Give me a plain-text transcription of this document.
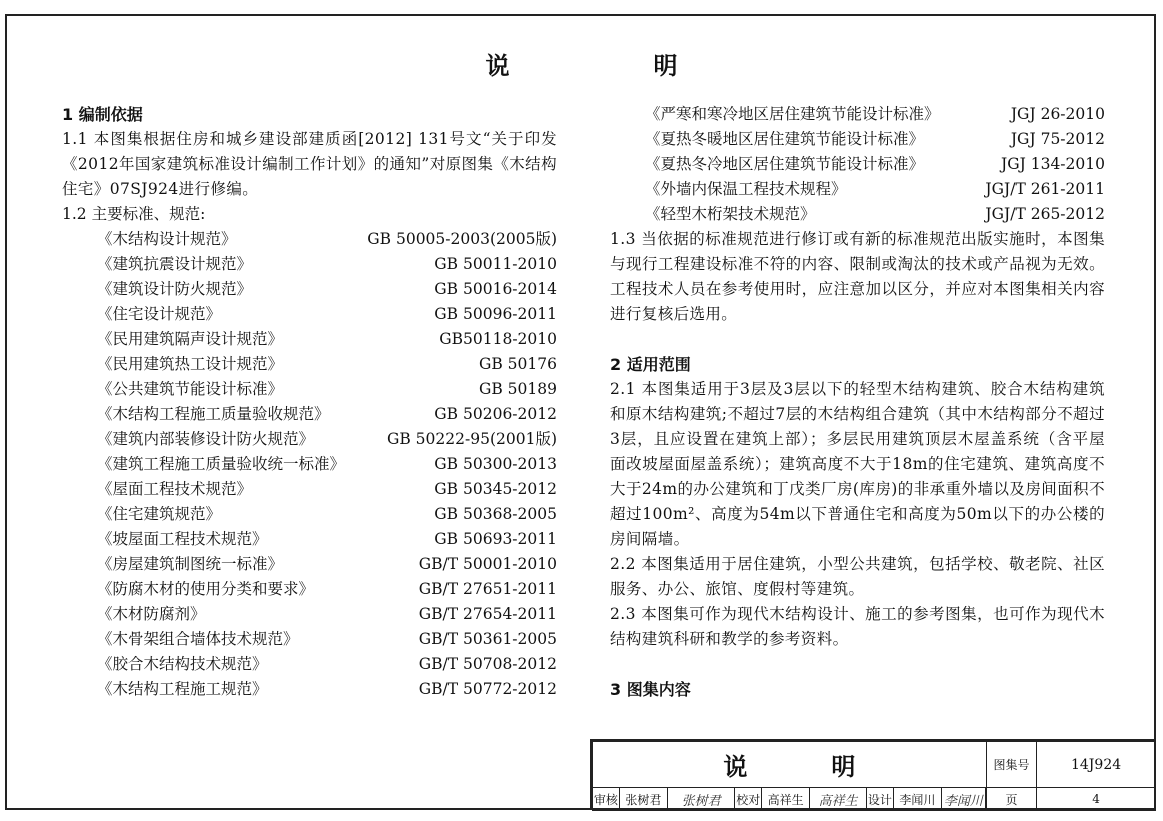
说　明
1 编制依据
1.1 本图集根据住房和城乡建设部建质函[2012] 131号文“关于印发《2012年国家建筑标准设计编制工作计划》的通知”对原图集《木结构住宅》07SJ924进行修编。
1.2 主要标准、规范:
《木结构设计规范》	GB 50005-2003(2005版)
《建筑抗震设计规范》	GB 50011-2010
《建筑设计防火规范》	GB 50016-2014
《住宅设计规范》	GB 50096-2011
《民用建筑隔声设计规范》	GB50118-2010
《民用建筑热工设计规范》	GB 50176
《公共建筑节能设计标准》	GB 50189
《木结构工程施工质量验收规范》	GB 50206-2012
《建筑内部装修设计防火规范》	GB 50222-95(2001版)
《建筑工程施工质量验收统一标准》	GB 50300-2013
《屋面工程技术规范》	GB 50345-2012
《住宅建筑规范》	GB 50368-2005
《坡屋面工程技术规范》	GB 50693-2011
《房屋建筑制图统一标准》	GB/T 50001-2010
《防腐木材的使用分类和要求》	GB/T 27651-2011
《木材防腐剂》	GB/T 27654-2011
《木骨架组合墙体技术规范》	GB/T 50361-2005
《胶合木结构技术规范》	GB/T 50708-2012
《木结构工程施工规范》	GB/T 50772-2012
《严寒和寒冷地区居住建筑节能设计标准》	JGJ 26-2010
《夏热冬暖地区居住建筑节能设计标准》	JGJ 75-2012
《夏热冬冷地区居住建筑节能设计标准》	JGJ 134-2010
《外墙内保温工程技术规程》	JGJ/T 261-2011
《轻型木桁架技术规范》	JGJ/T 265-2012
1.3 当依据的标准规范进行修订或有新的标准规范出版实施时，本图集与现行工程建设标准不符的内容、限制或淘汰的技术或产品视为无效。工程技术人员在参考使用时，应注意加以区分，并应对本图集相关内容进行复核后选用。
2 适用范围
2.1 本图集适用于3层及3层以下的轻型木结构建筑、胶合木结构建筑和原木结构建筑;不超过7层的木结构组合建筑（其中木结构部分不超过3层，且应设置在建筑上部）；多层民用建筑顶层木屋盖系统（含平屋面改坡屋面屋盖系统）；建筑高度不大于18m的住宅建筑、建筑高度不大于24m的办公建筑和丁戊类厂房(库房)的非承重外墙以及房间面积不超过100m²、高度为54m以下普通住宅和高度为50m以下的办公楼的房间隔墙。
2.2 本图集适用于居住建筑，小型公共建筑，包括学校、敬老院、社区服务、办公、旅馆、度假村等建筑。
2.3 本图集可作为现代木结构设计、施工的参考图集，也可作为现代木结构建筑科研和教学的参考资料。
3 图集内容
说　明									图集号	14J924
审核	张树君	张树君	校对	高祥生	高祥生	设计	李闻川	李闻川		页	4
